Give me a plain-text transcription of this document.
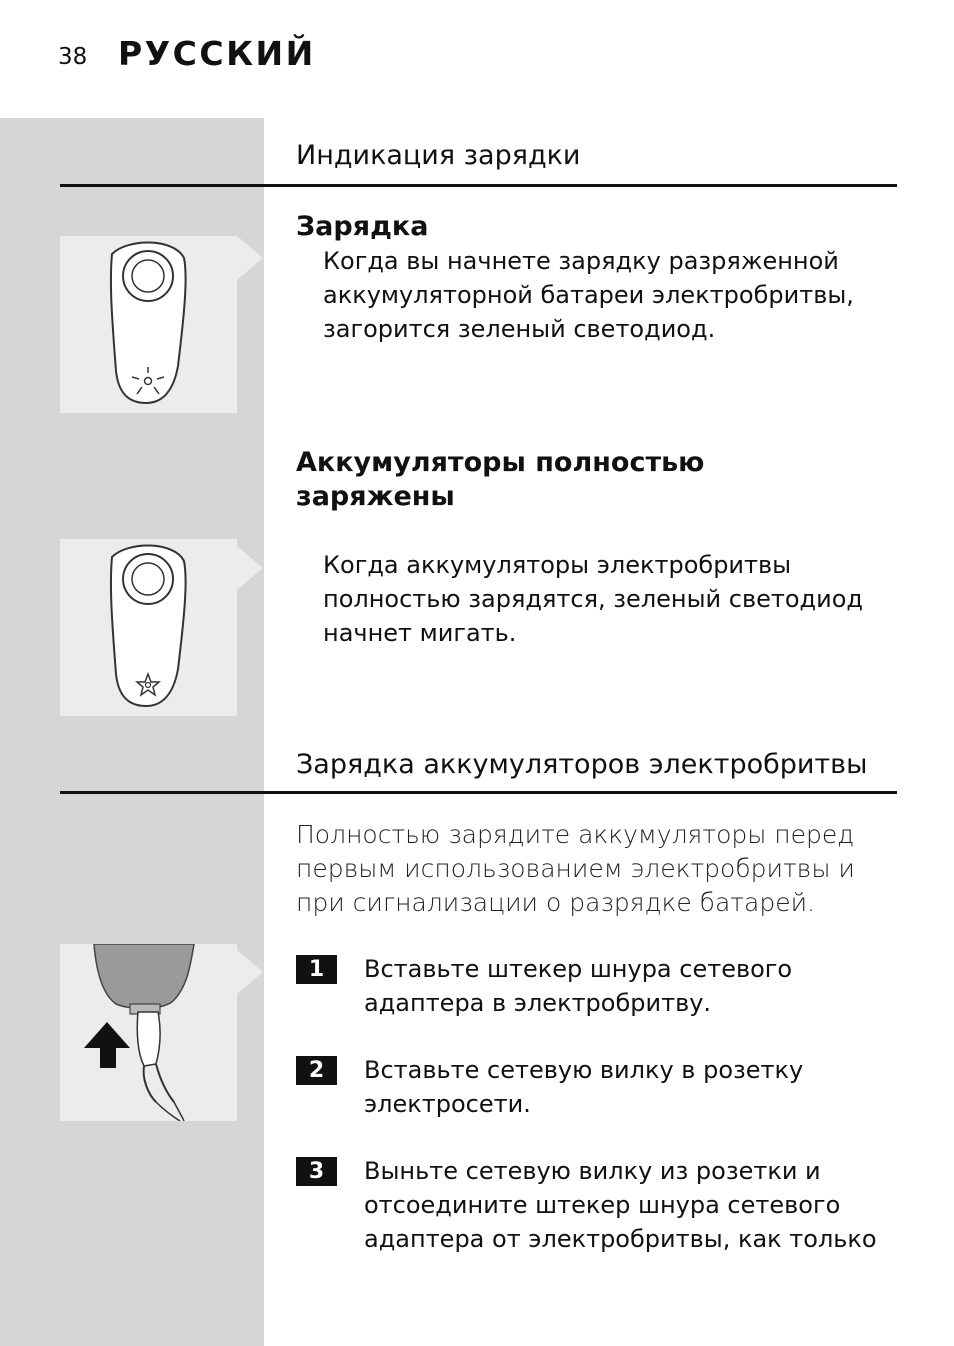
38 РУССКИЙ
Индикация зарядки
Зарядка
Когда вы начнете зарядку разряженной аккумуляторной батареи электробритвы, загорится зеленый светодиод.
Аккумуляторы полностью заряжены
Когда аккумуляторы электробритвы полностью зарядятся, зеленый светодиод начнет мигать.
Зарядка аккумуляторов электробритвы
Полностью зарядите аккумуляторы перед первым использованием электробритвы и при сигнализации о разрядке батарей.
1	Вставьте штекер шнура сетевого адаптера в электробритву.
2	Вставьте сетевую вилку в розетку электросети.
3	Выньте сетевую вилку из розетки и отсоедините штекер шнура сетевого адаптера от электробритвы, как только
